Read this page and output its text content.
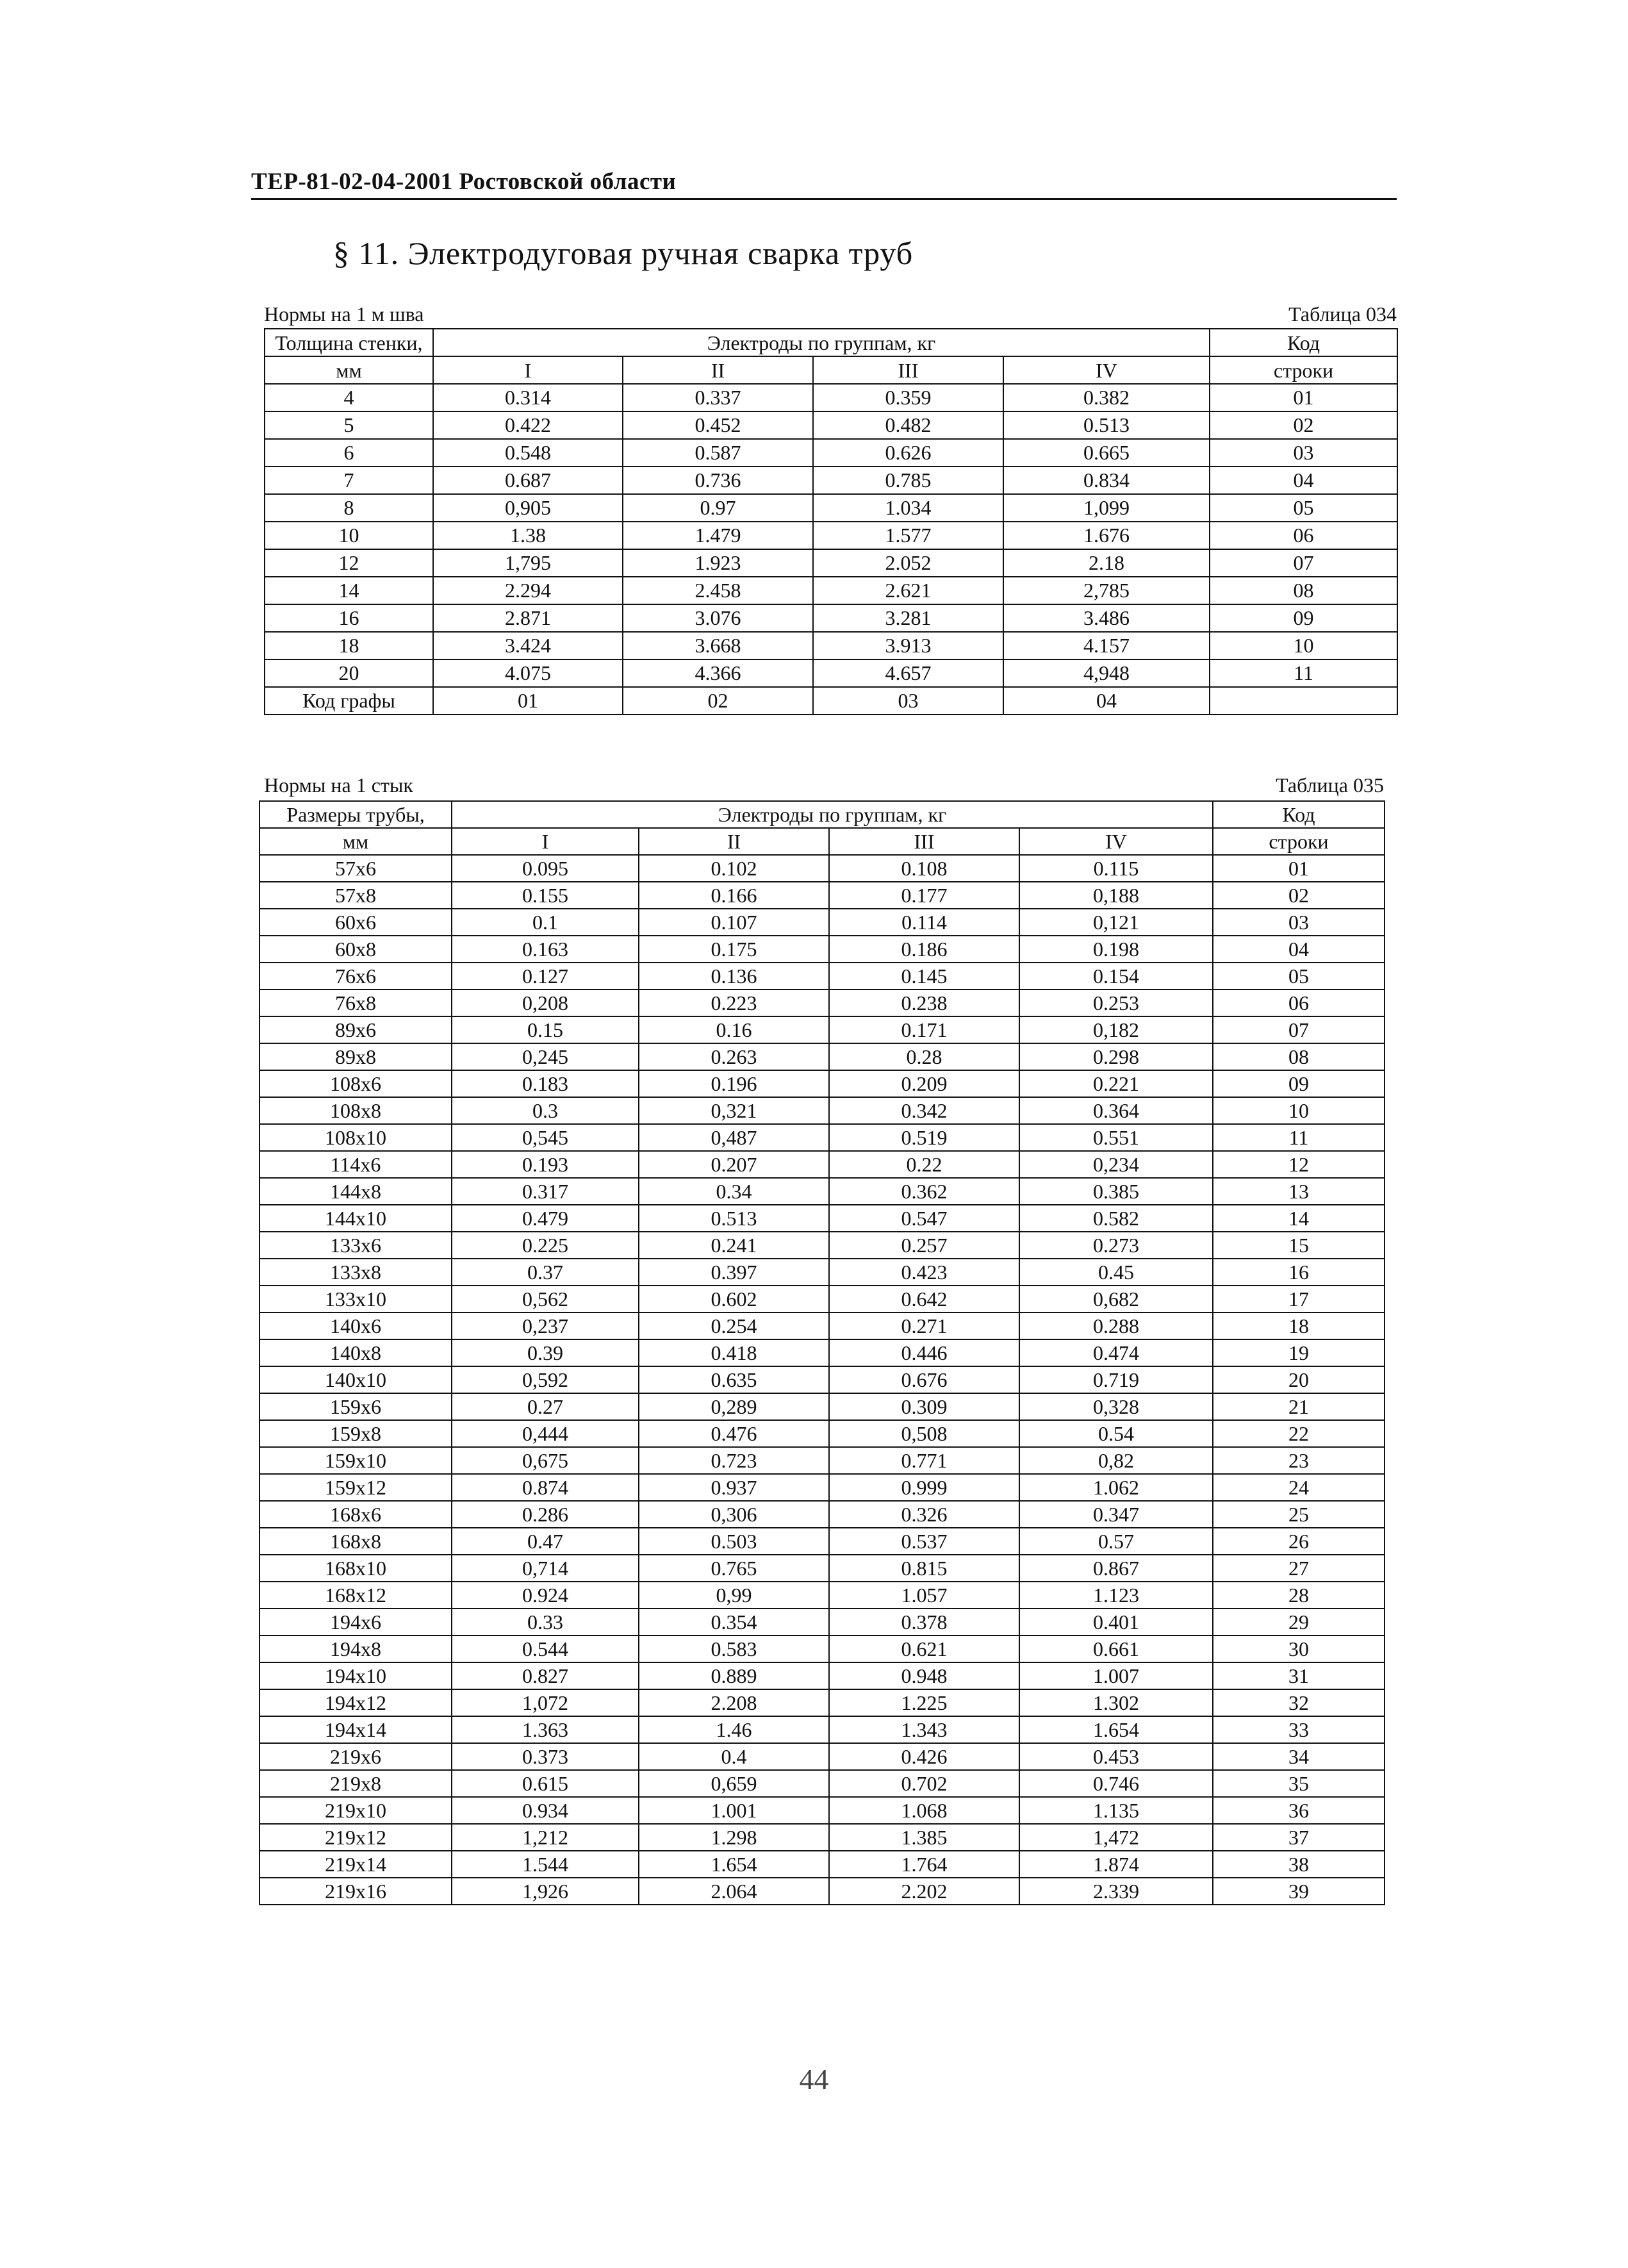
ТЕР-81-02-04-2001 Ростовской области
§ 11. Электродуговая ручная сварка труб
Нормы на 1 м шва	Таблица 034
Толщина стенки,	Электроды по группам, кг				Код
мм	I	II	III	IV	строки
4	0.314	0.337	0.359	0.382	01
5	0.422	0.452	0.482	0.513	02
6	0.548	0.587	0.626	0.665	03
7	0.687	0.736	0.785	0.834	04
8	0,905	0.97	1.034	1,099	05
10	1.38	1.479	1.577	1.676	06
12	1,795	1.923	2.052	2.18	07
14	2.294	2.458	2.621	2,785	08
16	2.871	3.076	3.281	3.486	09
18	3.424	3.668	3.913	4.157	10
20	4.075	4.366	4.657	4,948	11
Код графы	01	02	03	04	
Нормы на 1 стык	Таблица 035
Размеры трубы,	Электроды по группам, кг				Код
мм	I	II	III	IV	строки
57x6	0.095	0.102	0.108	0.115	01
57x8	0.155	0.166	0.177	0,188	02
60x6	0.1	0.107	0.114	0,121	03
60x8	0.163	0.175	0.186	0.198	04
76x6	0.127	0.136	0.145	0.154	05
76x8	0,208	0.223	0.238	0.253	06
89x6	0.15	0.16	0.171	0,182	07
89x8	0,245	0.263	0.28	0.298	08
108x6	0.183	0.196	0.209	0.221	09
108x8	0.3	0,321	0.342	0.364	10
108x10	0,545	0,487	0.519	0.551	11
114x6	0.193	0.207	0.22	0,234	12
144x8	0.317	0.34	0.362	0.385	13
144x10	0.479	0.513	0.547	0.582	14
133x6	0.225	0.241	0.257	0.273	15
133x8	0.37	0.397	0.423	0.45	16
133x10	0,562	0.602	0.642	0,682	17
140x6	0,237	0.254	0.271	0.288	18
140x8	0.39	0.418	0.446	0.474	19
140x10	0,592	0.635	0.676	0.719	20
159x6	0.27	0,289	0.309	0,328	21
159x8	0,444	0.476	0,508	0.54	22
159x10	0,675	0.723	0.771	0,82	23
159x12	0.874	0.937	0.999	1.062	24
168x6	0.286	0,306	0.326	0.347	25
168x8	0.47	0.503	0.537	0.57	26
168x10	0,714	0.765	0.815	0.867	27
168x12	0.924	0,99	1.057	1.123	28
194x6	0.33	0.354	0.378	0.401	29
194x8	0.544	0.583	0.621	0.661	30
194x10	0.827	0.889	0.948	1.007	31
194x12	1,072	2.208	1.225	1.302	32
194x14	1.363	1.46	1.343	1.654	33
219x6	0.373	0.4	0.426	0.453	34
219x8	0.615	0,659	0.702	0.746	35
219x10	0.934	1.001	1.068	1.135	36
219x12	1,212	1.298	1.385	1,472	37
219x14	1.544	1.654	1.764	1.874	38
219x16	1,926	2.064	2.202	2.339	39
44
